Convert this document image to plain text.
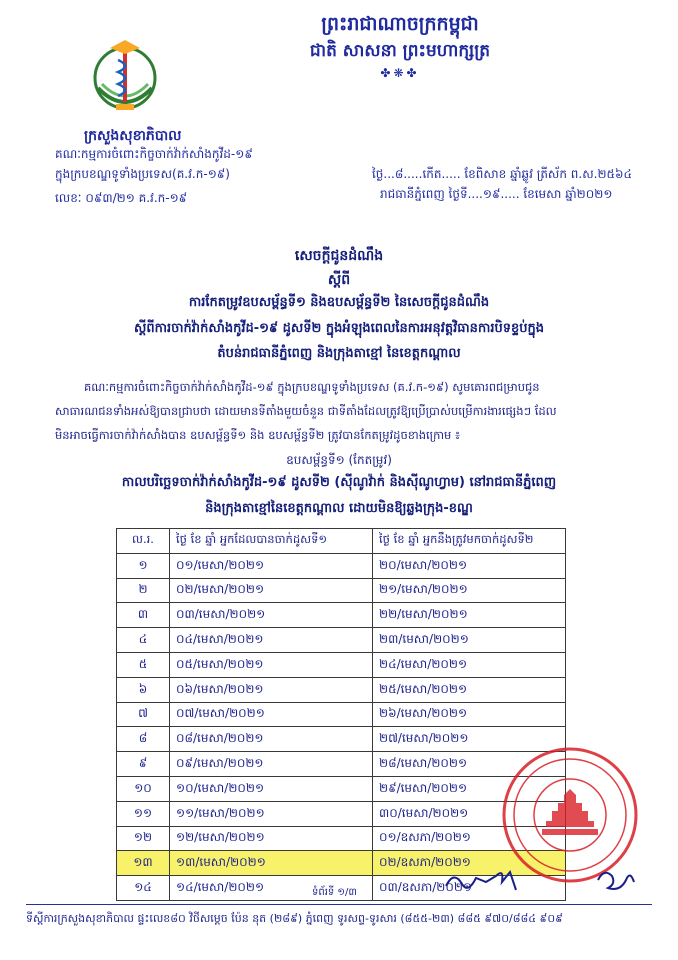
ព្រះរាជាណាចក្រកម្ពុជា
ជាតិ សាសនា ព្រះមហាក្សត្រ
✤❋✤
ក្រសួងសុខាភិបាល
គណៈកម្មការចំពោះកិច្ចចាក់វ៉ាក់សាំងកូវីដ-១៩
ក្នុងក្របខណ្ឌទូទាំងប្រទេស(គ.វ.ក-១៩)
លេខៈ ០៩៣/២១ គ.វ.ក-១៩
ថ្ងៃ...៨.....កើត..... ខែពិសាខ ឆ្នាំឆ្លូវ ត្រីស័ក ព.ស.២៥៦៤
រាជធានីភ្នំពេញ ថ្ងៃទី....១៩..... ខែមេសា ឆ្នាំ២០២១
សេចក្តីជូនដំណឹង
ស្តីពី
ការកែតម្រូវឧបសម្ព័ន្ធទី១ និងឧបសម្ព័ន្ធទី២ នៃសេចក្តីជូនដំណឹង
ស្តីពីការចាក់វ៉ាក់សាំងកូវីដ-១៩ ដូសទី២ ក្នុងអំឡុងពេលនៃការអនុវត្តវិធានការបិទខ្ទប់ក្នុង
តំបន់រាជធានីភ្នំពេញ និងក្រុងតាខ្មៅ នៃខេត្តកណ្តាល
គណៈកម្មការចំពោះកិច្ចចាក់វ៉ាក់សាំងកូវីដ-១៩ ក្នុងក្របខណ្ឌទូទាំងប្រទេស (គ.វ.ក-១៩) សូមគោរពជម្រាបជូន
សាធារណជនទាំងអស់ឱ្យបានជ្រាបថា ដោយមានទីតាំងមួយចំនួន ជាទីតាំងដែលត្រូវឱ្យប្រើប្រាស់បម្រើការងារផ្សេងៗ ដែល
មិនអាចធ្វើការចាក់វ៉ាក់សាំងបាន ឧបសម្ព័ន្ធទី១ និង ឧបសម្ព័ន្ធទី២ ត្រូវបានកែតម្រូវដូចខាងក្រោម ៖
ឧបសម្ព័ន្ធទី១ (កែតម្រូវ)
កាលបរិច្ឆេទចាក់វ៉ាក់សាំងកូវីដ-១៩ ដូសទី២ (ស៊ីណូវ៉ាក់ និងស៊ីណូហ្វាម) នៅរាជធានីភ្នំពេញ
និងក្រុងតាខ្មៅនៃខេត្តកណ្តាល ដោយមិនឱ្យឆ្លងក្រុង-ខណ្ឌ
ល.រ.	ថ្ងៃ ខែ ឆ្នាំ អ្នកដែលបានចាក់ដូសទី១	ថ្ងៃ ខែ ឆ្នាំ អ្នកនឹងត្រូវមកចាក់ដូសទី២
១	០១/មេសា/២០២១	២០/មេសា/២០២១
២	០២/មេសា/២០២១	២១/មេសា/២០២១
៣	០៣/មេសា/២០២១	២២/មេសា/២០២១
៤	០៤/មេសា/២០២១	២៣/មេសា/២០២១
៥	០៥/មេសា/២០២១	២៤/មេសា/២០២១
៦	០៦/មេសា/២០២១	២៥/មេសា/២០២១
៧	០៧/មេសា/២០២១	២៦/មេសា/២០២១
៨	០៨/មេសា/២០២១	២៧/មេសា/២០២១
៩	០៩/មេសា/២០២១	២៨/មេសា/២០២១
១០	១០/មេសា/២០២១	២៩/មេសា/២០២១
១១	១១/មេសា/២០២១	៣០/មេសា/២០២១
១២	១២/មេសា/២០២១	០១/ឧសភា/២០២១
១៣	១៣/មេសា/២០២១	០២/ឧសភា/២០២១
១៤	១៤/មេសា/២០២១	០៣/ឧសភា/២០២១
ទំព័រទី ១/៣
ទីស្តីការក្រសួងសុខាភិបាល ផ្ទះលេខ៨០ វិថីសម្តេច ប៉ែន នុត (២៨៩) ភ្នំពេញ ទូរសព្ទ-ទូរសារ (៨៥៥-២៣) ៨៨៥ ៩៧០/៨៨៤ ៩០៩
